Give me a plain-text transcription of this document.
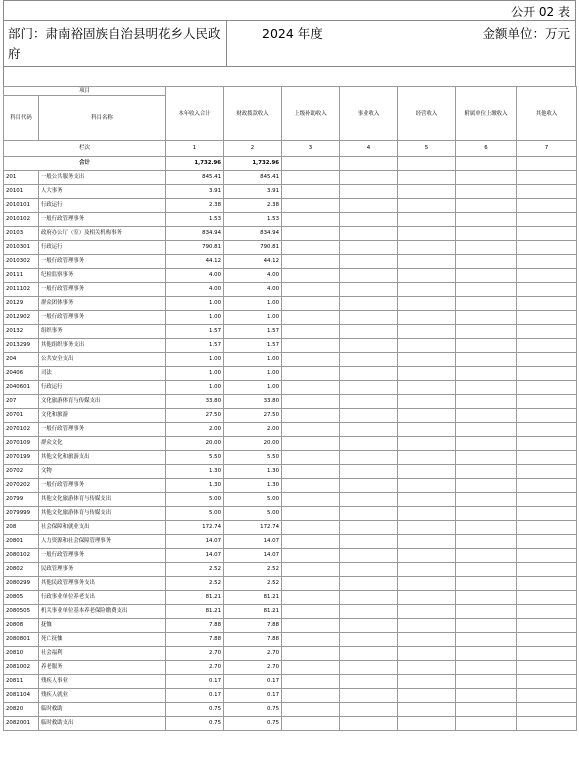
公开 02 表
部门：肃南裕固族自治县明花乡人民政府
2024 年度	金额单位：万元
项目		本年收入合计	财政拨款收入	上级补助收入	事业收入	经营收入	附属单位上缴收入	其他收入
科目代码	科目名称							
栏次		1	2	3	4	5	6	7
合计		1,732.96	1,732.96					
201	一般公共服务支出	845.41	845.41					
20101	人大事务	3.91	3.91					
2010101	行政运行	2.38	2.38					
2010102	一般行政管理事务	1.53	1.53					
20103	政府办公厅（室）及相关机构事务	834.94	834.94					
2010301	行政运行	790.81	790.81					
2010302	一般行政管理事务	44.12	44.12					
20111	纪检监察事务	4.00	4.00					
2011102	一般行政管理事务	4.00	4.00					
20129	群众团体事务	1.00	1.00					
2012902	一般行政管理事务	1.00	1.00					
20132	组织事务	1.57	1.57					
2013299	其他组织事务支出	1.57	1.57					
204	公共安全支出	1.00	1.00					
20406	司法	1.00	1.00					
2040601	行政运行	1.00	1.00					
207	文化旅游体育与传媒支出	33.80	33.80					
20701	文化和旅游	27.50	27.50					
2070102	一般行政管理事务	2.00	2.00					
2070109	群众文化	20.00	20.00					
2070199	其他文化和旅游支出	5.50	5.50					
20702	文物	1.30	1.30					
2070202	一般行政管理事务	1.30	1.30					
20799	其他文化旅游体育与传媒支出	5.00	5.00					
2079999	其他文化旅游体育与传媒支出	5.00	5.00					
208	社会保障和就业支出	172.74	172.74					
20801	人力资源和社会保障管理事务	14.07	14.07					
2080102	一般行政管理事务	14.07	14.07					
20802	民政管理事务	2.52	2.52					
2080299	其他民政管理事务支出	2.52	2.52					
20805	行政事业单位养老支出	81.21	81.21					
2080505	机关事业单位基本养老保险缴费支出	81.21	81.21					
20808	抚恤	7.88	7.88					
2080801	死亡抚恤	7.88	7.88					
20810	社会福利	2.70	2.70					
2081002	养老服务	2.70	2.70					
20811	残疾人事业	0.17	0.17					
2081104	残疾人就业	0.17	0.17					
20820	临时救助	0.75	0.75					
2082001	临时救助支出	0.75	0.75					
